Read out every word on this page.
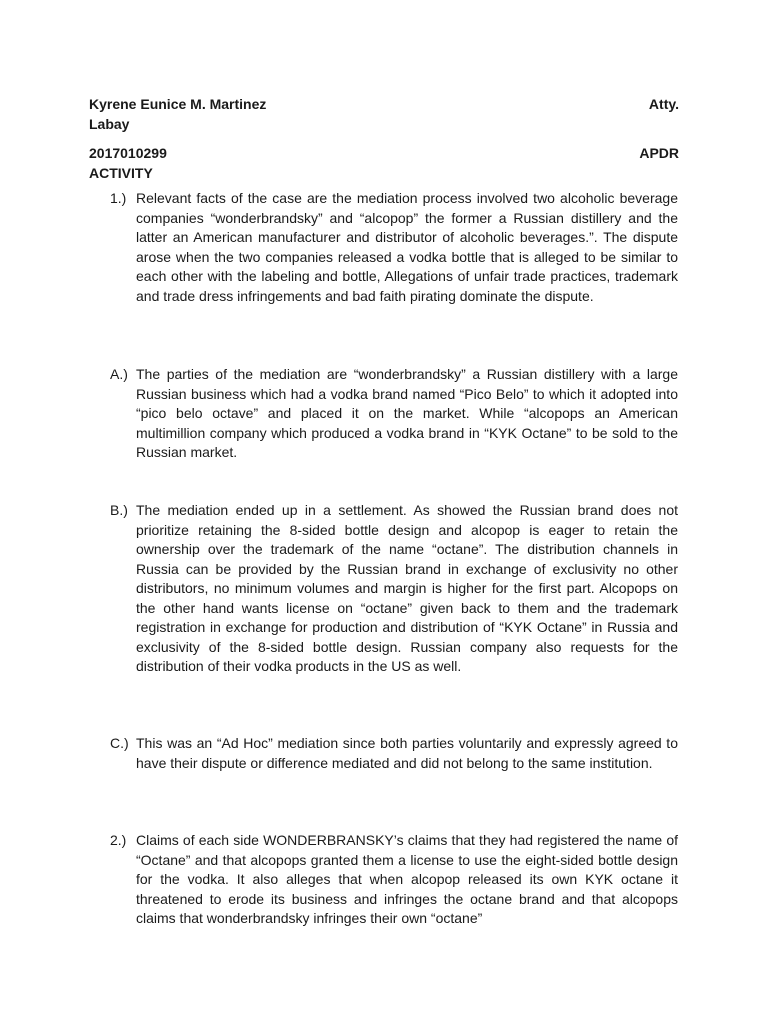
Kyrene Eunice M. Martinez	Atty.
Labay
2017010299	APDR
ACTIVITY
1.) Relevant facts of the case are the mediation process involved two alcoholic beverage companies “wonderbrandsky” and “alcopop” the former a Russian distillery and the latter an American manufacturer and distributor of alcoholic beverages.”. The dispute arose when the two companies released a vodka bottle that is alleged to be similar to each other with the labeling and bottle, Allegations of unfair trade practices, trademark and trade dress infringements and bad faith pirating dominate the dispute.
A.) The parties of the mediation are “wonderbrandsky” a Russian distillery with a large Russian business which had a vodka brand named “Pico Belo” to which it adopted into “pico belo octave” and placed it on the market. While “alcopops an American multimillion company which produced a vodka brand in “KYK Octane” to be sold to the Russian market.
B.) The mediation ended up in a settlement. As showed the Russian brand does not prioritize retaining the 8-sided bottle design and alcopop is eager to retain the ownership over the trademark of the name “octane”. The distribution channels in Russia can be provided by the Russian brand in exchange of exclusivity no other distributors, no minimum volumes and margin is higher for the first part. Alcopops on the other hand wants license on “octane” given back to them and the trademark registration in exchange for production and distribution of “KYK Octane” in Russia and exclusivity of the 8-sided bottle design. Russian company also requests for the distribution of their vodka products in the US as well.
C.) This was an “Ad Hoc” mediation since both parties voluntarily and expressly agreed to have their dispute or difference mediated and did not belong to the same institution.
2.) Claims of each side WONDERBRANSKY’s claims that they had registered the name of “Octane” and that alcopops granted them a license to use the eight-sided bottle design for the vodka. It also alleges that when alcopop released its own KYK octane it threatened to erode its business and infringes the octane brand and that alcopops claims that wonderbrandsky infringes their own “octane”
